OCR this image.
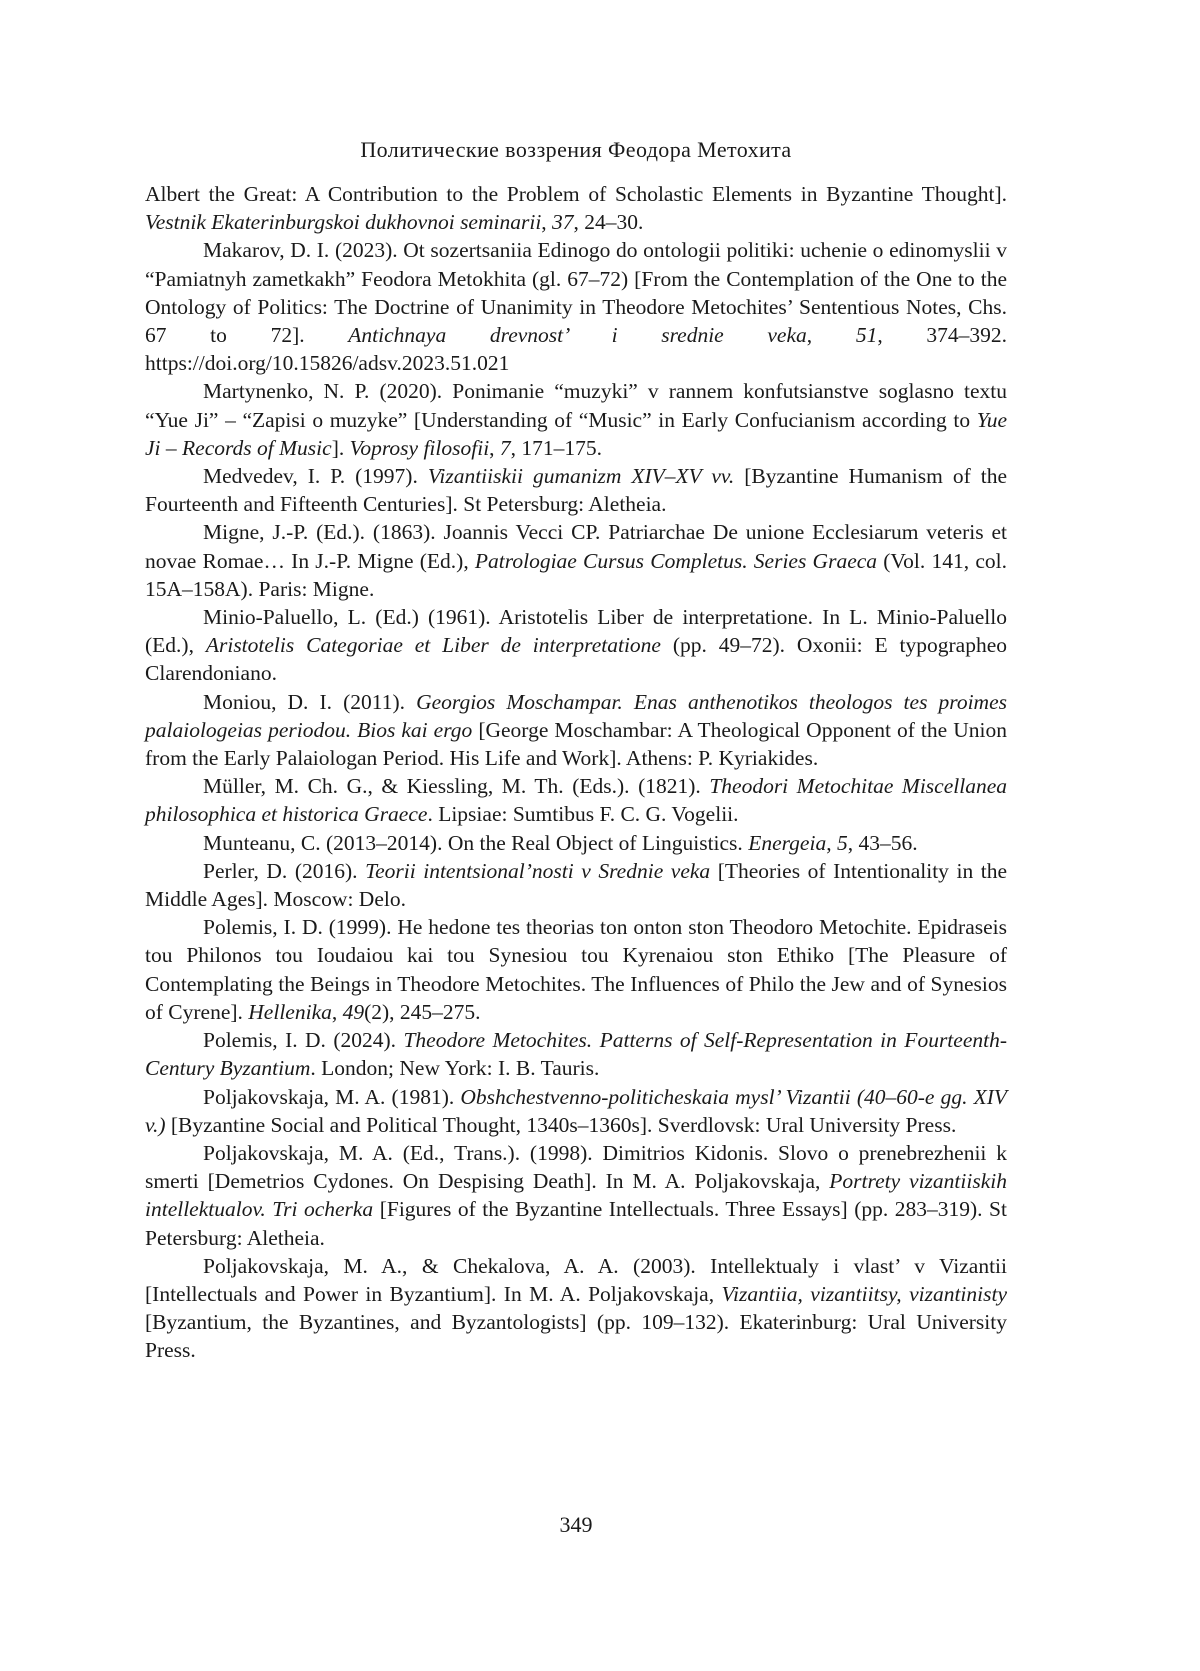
Политические воззрения Феодора Метохита

Albert the Great: A Contribution to the Problem of Scholastic Elements in Byzantine Thought]. Vestnik Ekaterinburgskoi dukhovnoi seminarii, 37, 24–30.

Makarov, D. I. (2023). Ot sozertsaniia Edinogo do ontologii politiki: uchenie o edinomyslii v “Pamiatnyh zametkakh” Feodora Metokhita (gl. 67–72) [From the Contemplation of the One to the Ontology of Politics: The Doctrine of Unanimity in Theodore Metochites’ Sententious Notes, Chs. 67 to 72]. Antichnaya drevnost’ i srednie veka, 51, 374–392. https://doi.org/10.15826/adsv.2023.51.021

Martynenko, N. P. (2020). Ponimanie “muzyki” v rannem konfutsianstve soglasno textu “Yue Ji” – “Zapisi o muzyke” [Understanding of “Music” in Early Confucianism according to Yue Ji – Records of Music]. Voprosy filosofii, 7, 171–175.

Medvedev, I. P. (1997). Vizantiiskii gumanizm XIV–XV vv. [Byzantine Humanism of the Fourteenth and Fifteenth Centuries]. St Petersburg: Aletheia.

Migne, J.-P. (Ed.). (1863). Joannis Vecci CP. Patriarchae De unione Ecclesiarum veteris et novae Romae… In J.-P. Migne (Ed.), Patrologiae Cursus Completus. Series Graeca (Vol. 141, col. 15A–158A). Paris: Migne.

Minio-Paluello, L. (Ed.) (1961). Aristotelis Liber de interpretatione. In L. Minio-Paluello (Ed.), Aristotelis Categoriae et Liber de interpretatione (pp. 49–72). Oxonii: E typographeo Clarendoniano.

Moniou, D. I. (2011). Georgios Moschampar. Enas anthenotikos theologos tes proimes palaiologeias periodou. Bios kai ergo [George Moschambar: A Theological Opponent of the Union from the Early Palaiologan Period. His Life and Work]. Athens: P. Kyriakides.

Müller, M. Ch. G., & Kiessling, M. Th. (Eds.). (1821). Theodori Metochitae Miscellanea philosophica et historica Graece. Lipsiae: Sumtibus F. C. G. Vogelii.

Munteanu, C. (2013–2014). On the Real Object of Linguistics. Energeia, 5, 43–56.

Perler, D. (2016). Teorii intentsional’nosti v Srednie veka [Theories of Intentionality in the Middle Ages]. Moscow: Delo.

Polemis, I. D. (1999). He hedone tes theorias ton onton ston Theodoro Metochite. Epidraseis tou Philonos tou Ioudaiou kai tou Synesiou tou Kyrenaiou ston Ethiko [The Pleasure of Contemplating the Beings in Theodore Metochites. The Influences of Philo the Jew and of Synesios of Cyrene]. Hellenika, 49(2), 245–275.

Polemis, I. D. (2024). Theodore Metochites. Patterns of Self-Representation in Fourteenth-Century Byzantium. London; New York: I. B. Tauris.

Poljakovskaja, M. A. (1981). Obshchestvenno-politicheskaia mysl’ Vizantii (40–60-e gg. XIV v.) [Byzantine Social and Political Thought, 1340s–1360s]. Sverdlovsk: Ural University Press.

Poljakovskaja, M. A. (Ed., Trans.). (1998). Dimitrios Kidonis. Slovo o prenebrezhenii k smerti [Demetrios Cydones. On Despising Death]. In M. A. Poljakovskaja, Portrety vizantiiskih intellektualov. Tri ocherka [Figures of the Byzantine Intellectuals. Three Essays] (pp. 283–319). St Petersburg: Aletheia.

Poljakovskaja, M. A., & Chekalova, A. A. (2003). Intellektualy i vlast’ v Vizantii [Intellectuals and Power in Byzantium]. In M. A. Poljakovskaja, Vizantiia, vizantiitsy, vizantinisty [Byzantium, the Byzantines, and Byzantologists] (pp. 109–132). Ekaterinburg: Ural University Press.

349
